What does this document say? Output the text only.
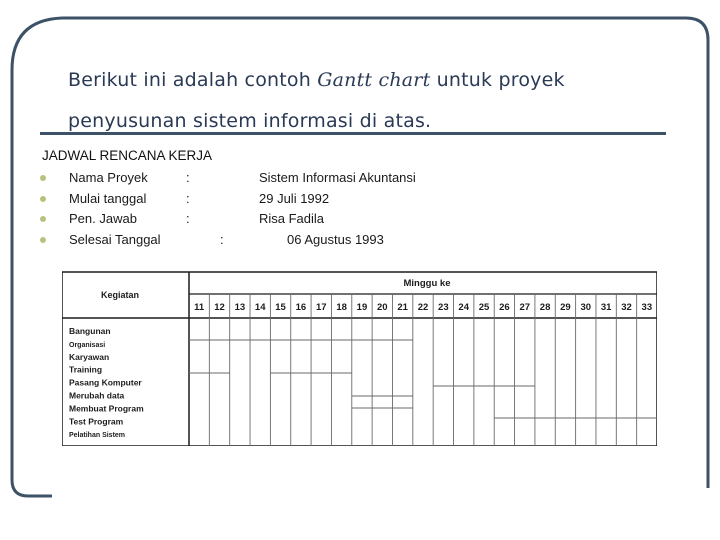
Berikut ini adalah contoh Gantt chart untuk proyek
penyusunan sistem informasi di atas.
JADWAL RENCANA KERJA
Nama Proyek	:	Sistem Informasi Akuntansi
Mulai tanggal	:	29 Juli 1992
Pen. Jawab	:	Risa Fadila
Selesai Tanggal	:	06 Agustus 1993
Kegiatan
Minggu ke
11 12 13 14 15 16 17 18 19 20 21 22 23 24 25 26 27 28 29 30 31 32 33
Bangunan
Organisasi
Karyawan
Training
Pasang Komputer
Merubah data
Membuat Program
Test Program
Pelatihan Sistem
